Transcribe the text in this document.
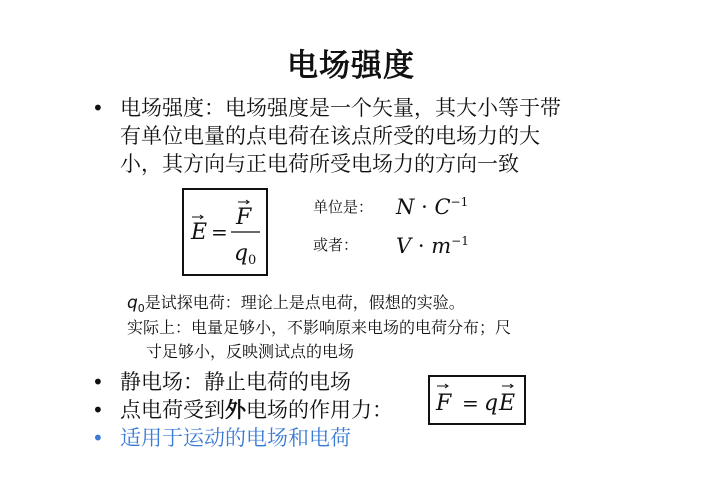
电场强度
• 电场强度：电场强度是一个矢量，其大小等于带
有单位电量的点电荷在该点所受的电场力的大
小，其方向与正电荷所受电场力的方向一致
E =
F
q 0
单位是： $N \cdot C^{-1}$
或者： $V \cdot m^{-1}$
$q_0$是试探电荷：理论上是点电荷，假想的实验。
实际上：电量足够小，不影响原来电场的电荷分布；尺
寸足够小，反映测试点的电场
• 静电场：静止电荷的电场
• 点电荷受到外电场的作用力：
• 适用于运动的电场和电荷
F = q E
